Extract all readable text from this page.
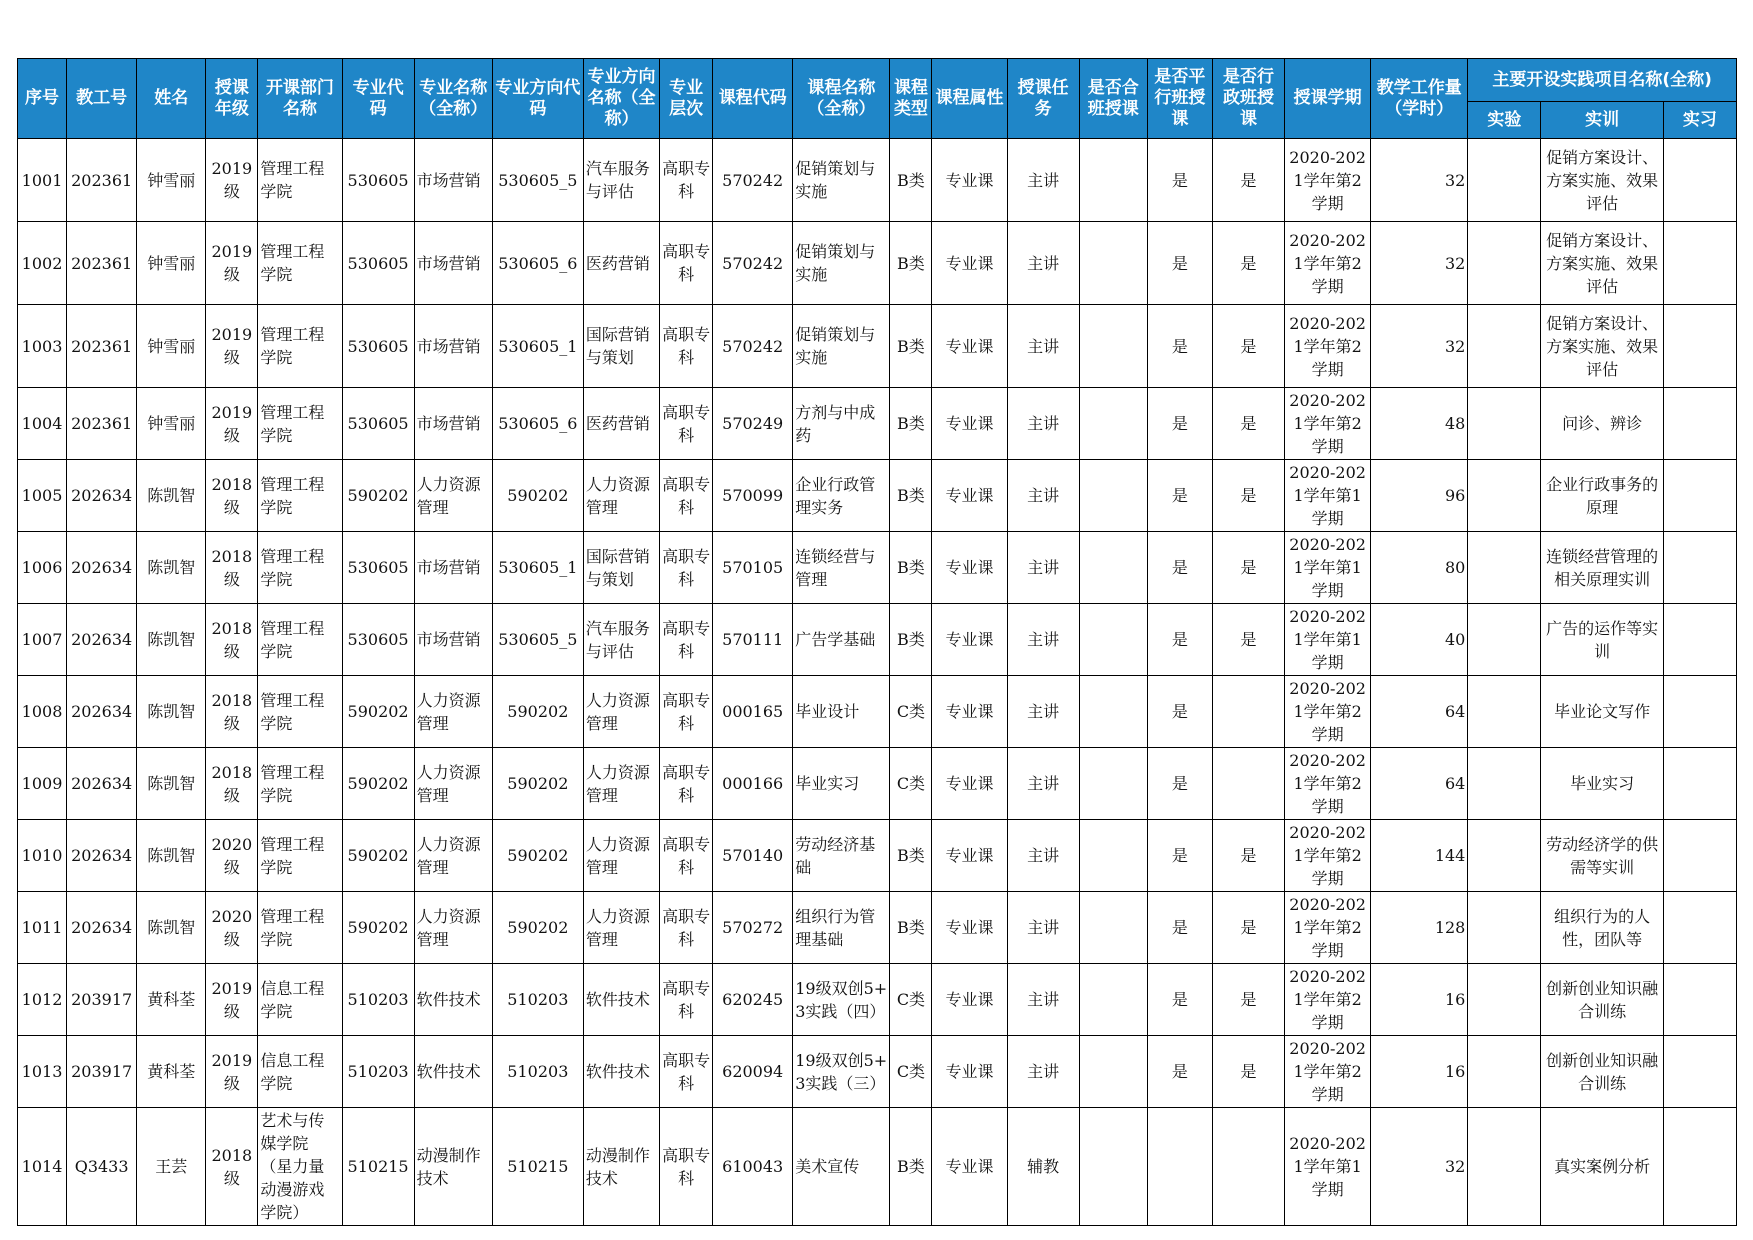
序号	教工号	姓名	授课年级	开课部门名称	专业代码	专业名称（全称）	专业方向代码	专业方向名称（全称）	专业层次	课程代码	课程名称（全称）	课程类型	课程属性	授课任务	是否合班授课	是否平行班授课	是否行政班授课	授课学期	教学工作量（学时）	主要开设实践项目名称(全称)		
																				实验	实训	实习

1001	202361	钟雪丽	2019级	管理工程学院	530605	市场营销	530605_5	汽车服务与评估	高职专科	570242	促销策划与实施	B类	专业课	主讲		是	是	2020-2021学年第2学期	32		促销方案设计、方案实施、效果评估	

1002	202361	钟雪丽	2019级	管理工程学院	530605	市场营销	530605_6	医药营销	高职专科	570242	促销策划与实施	B类	专业课	主讲		是	是	2020-2021学年第2学期	32		促销方案设计、方案实施、效果评估	

1003	202361	钟雪丽	2019级	管理工程学院	530605	市场营销	530605_1	国际营销与策划	高职专科	570242	促销策划与实施	B类	专业课	主讲		是	是	2020-2021学年第2学期	32		促销方案设计、方案实施、效果评估	

1004	202361	钟雪丽	2019级	管理工程学院	530605	市场营销	530605_6	医药营销	高职专科	570249	方剂与中成药	B类	专业课	主讲		是	是	2020-2021学年第2学期	48		问诊、辨诊	

1005	202634	陈凯智	2018级	管理工程学院	590202	人力资源管理	590202	人力资源管理	高职专科	570099	企业行政管理实务	B类	专业课	主讲		是	是	2020-2021学年第1学期	96		企业行政事务的原理	

1006	202634	陈凯智	2018级	管理工程学院	530605	市场营销	530605_1	国际营销与策划	高职专科	570105	连锁经营与管理	B类	专业课	主讲		是	是	2020-2021学年第1学期	80		连锁经营管理的相关原理实训	

1007	202634	陈凯智	2018级	管理工程学院	530605	市场营销	530605_5	汽车服务与评估	高职专科	570111	广告学基础	B类	专业课	主讲		是	是	2020-2021学年第1学期	40		广告的运作等实训	

1008	202634	陈凯智	2018级	管理工程学院	590202	人力资源管理	590202	人力资源管理	高职专科	000165	毕业设计	C类	专业课	主讲		是		2020-2021学年第2学期	64		毕业论文写作	

1009	202634	陈凯智	2018级	管理工程学院	590202	人力资源管理	590202	人力资源管理	高职专科	000166	毕业实习	C类	专业课	主讲		是		2020-2021学年第2学期	64		毕业实习	

1010	202634	陈凯智	2020级	管理工程学院	590202	人力资源管理	590202	人力资源管理	高职专科	570140	劳动经济基础	B类	专业课	主讲		是	是	2020-2021学年第2学期	144		劳动经济学的供需等实训	

1011	202634	陈凯智	2020级	管理工程学院	590202	人力资源管理	590202	人力资源管理	高职专科	570272	组织行为管理基础	B类	专业课	主讲		是	是	2020-2021学年第2学期	128		组织行为的人性，团队等	

1012	203917	黄科荃	2019级	信息工程学院	510203	软件技术	510203	软件技术	高职专科	620245	19级双创5+3实践（四）	C类	专业课	主讲		是	是	2020-2021学年第2学期	16		创新创业知识融合训练	

1013	203917	黄科荃	2019级	信息工程学院	510203	软件技术	510203	软件技术	高职专科	620094	19级双创5+3实践（三）	C类	专业课	主讲		是	是	2020-2021学年第2学期	16		创新创业知识融合训练	

1014	Q3433	王芸	2018级	艺术与传媒学院（星力量动漫游戏学院）	510215	动漫制作技术	510215	动漫制作技术	高职专科	610043	美术宣传	B类	专业课	辅教				2020-2021学年第1学期	32		真实案例分析	
